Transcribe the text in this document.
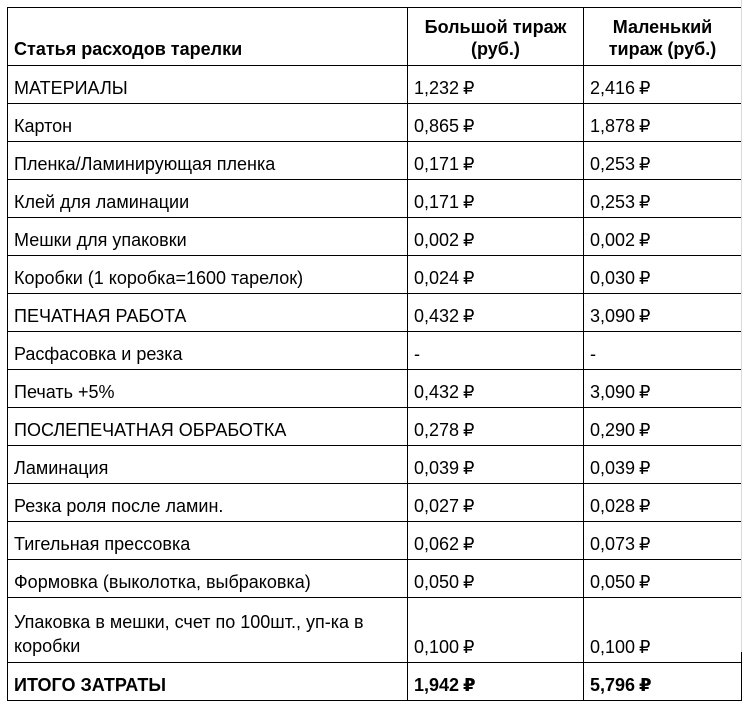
Статья расходов тарелки	Большой тираж (руб.)	Маленький тираж (руб.)
МАТЕРИАЛЫ	1,232 ₽	2,416 ₽
Картон	0,865 ₽	1,878 ₽
Пленка/Ламинирующая пленка	0,171 ₽	0,253 ₽
Клей для ламинации	0,171 ₽	0,253 ₽
Мешки для упаковки	0,002 ₽	0,002 ₽
Коробки (1 коробка=1600 тарелок)	0,024 ₽	0,030 ₽
ПЕЧАТНАЯ РАБОТА	0,432 ₽	3,090 ₽
Расфасовка и резка	-	-
Печать +5%	0,432 ₽	3,090 ₽
ПОСЛЕПЕЧАТНАЯ ОБРАБОТКА	0,278 ₽	0,290 ₽
Ламинация	0,039 ₽	0,039 ₽
Резка роля после ламин.	0,027 ₽	0,028 ₽
Тигельная прессовка	0,062 ₽	0,073 ₽
Формовка (выколотка, выбраковка)	0,050 ₽	0,050 ₽
Упаковка в мешки, счет по 100шт., уп-ка в коробки	0,100 ₽	0,100 ₽
ИТОГО ЗАТРАТЫ	1,942 ₽	5,796 ₽
